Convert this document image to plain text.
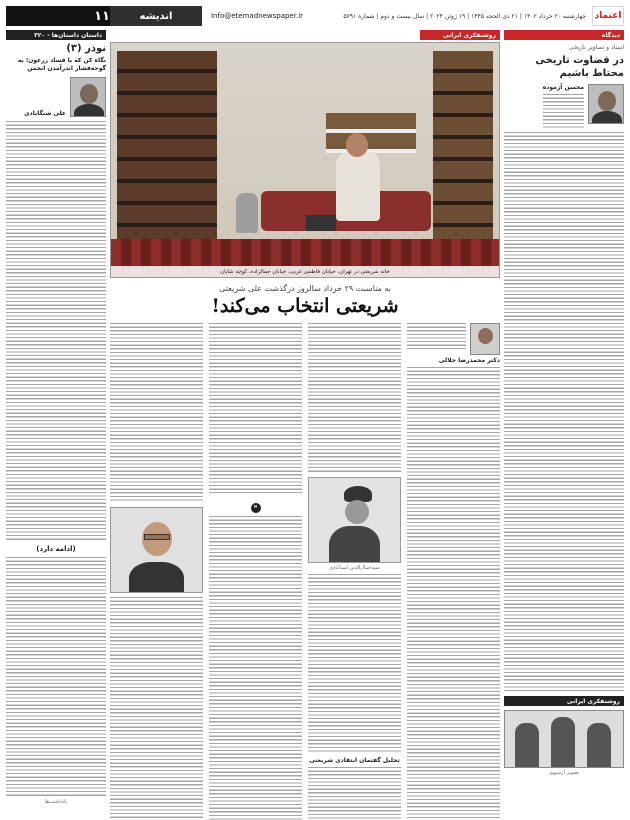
اعتماد
چهارشنبه ۲۰ خرداد ۱۴۰۲ | ۲۱ ذی الحجه ۱۴۴۵ | ۱۹ ژوئن ۲۰۲۴ | سال بیست و دوم | شماره ۵۷۹۱
Info@etemadnewspaper.ir
اندیشه
۱۱
دیدگاه
اسناد و تصاویر تاریخی
در قضاوت تاریخی محتاط باشیم
محسن آزموده
روشنفکری ایرانی
تصویر آرشیوی
روشنفکری ایرانی
خانه شریعتی در تهران، خیابان فاطمی غربی، خیابان جمالزاده، کوچه شایان
به مناسبت ۲۹ خرداد سالروز درگذشت علی شریعتی
شریعتی انتخاب می‌کند!
دکتر محمدرضا جلالی
سیدجمال‌الدین اسدآبادی
تحلیل گفتمان انتقادی شریعتی
❝
داستان داستان‌ها - ۳۲۰
نوذر (۳)
نگاه کن که با فساد زرعون؛ به گوجه‌فشار اندرآمدن انجمن
علی شنگابادی
(ادامه دارد)
یادداشت‌ها
